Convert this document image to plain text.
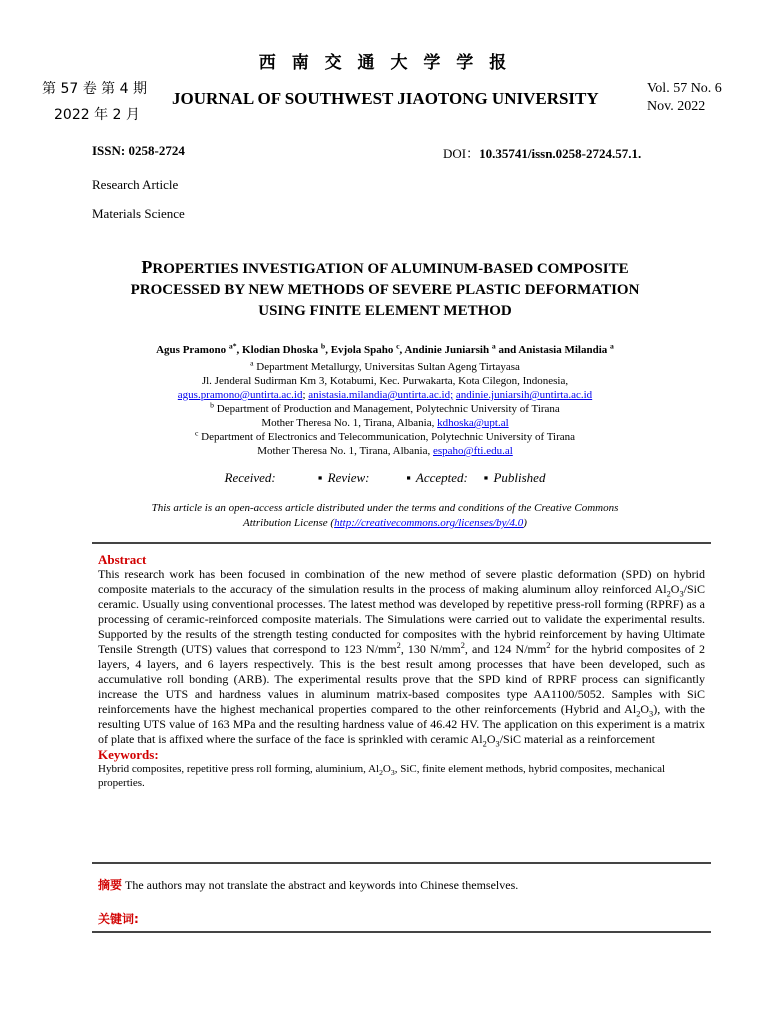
西 南 交 通 大 学 学 报
第 57 卷 第 4 期
2022 年 2 月
JOURNAL OF SOUTHWEST JIAOTONG UNIVERSITY
Vol. 57 No. 6
Nov. 2022
ISSN: 0258-2724	DOI：10.35741/issn.0258-2724.57.1.
Research Article
Materials Science
PROPERTIES INVESTIGATION OF ALUMINUM-BASED COMPOSITE
PROCESSED BY NEW METHODS OF SEVERE PLASTIC DEFORMATION
USING FINITE ELEMENT METHOD
Agus Pramono $^{a*}$, Klodian Dhoska $^b$, Evjola Spaho $^c$, Andinie Juniarsih $^a$ and Anistasia Milandia $^a$
$^a$ Department Metallurgy, Universitas Sultan Ageng Tirtayasa
Jl. Jenderal Sudirman Km 3, Kotabumi, Kec. Purwakarta, Kota Cilegon, Indonesia,
agus.pramono@untirta.ac.id; anistasia.milandia@untirta.ac.id; andinie.juniarsih@untirta.ac.id
$^b$ Department of Production and Management, Polytechnic University of Tirana
Mother Theresa No. 1, Tirana, Albania, kdhoska@upt.al
$^c$ Department of Electronics and Telecommunication, Polytechnic University of Tirana
Mother Theresa No. 1, Tirana, Albania, espaho@fti.edu.al
Received:	▪ Review:	▪ Accepted: ▪ Published
This article is an open-access article distributed under the terms and conditions of the Creative Commons
Attribution License (http://creativecommons.org/licenses/by/4.0)
Abstract
This research work has been focused in combination of the new method of severe plastic deformation (SPD) on hybrid composite materials to the accuracy of the simulation results in the process of making aluminum alloy reinforced $Al_2O_3$/SiC ceramic. Usually using conventional processes. The latest method was developed by repetitive press-roll forming (RPRF) as a processing of ceramic-reinforced composite materials. The Simulations were carried out to validate the experimental results. Supported by the results of the strength testing conducted for composites with the hybrid reinforcement by having Ultimate Tensile Strength (UTS) values that correspond to 123 $N/mm^2$, 130 $N/mm^2$, and 124 $N/mm^2$ for the hybrid composites of 2 layers, 4 layers, and 6 layers respectively. This is the best result among processes that have been developed, such as accumulative roll bonding (ARB). The experimental results prove that the SPD kind of RPRF process can significantly increase the UTS and hardness values in aluminum matrix-based composites type AA1100/5052. Samples with SiC reinforcements have the highest mechanical properties compared to the other reinforcements (Hybrid and $Al_2O_3$), with the resulting UTS value of 163 MPa and the resulting hardness value of 46.42 HV. The application on this experiment is a matrix of plate that is affixed where the surface of the face is sprinkled with ceramic $Al_2O_3$/SiC material as a reinforcement
Keywords:
Hybrid composites, repetitive press roll forming, aluminium, $Al_2O_3$, SiC, finite element methods, hybrid composites, mechanical properties.
摘要 The authors may not translate the abstract and keywords into Chinese themselves.
关键词:
